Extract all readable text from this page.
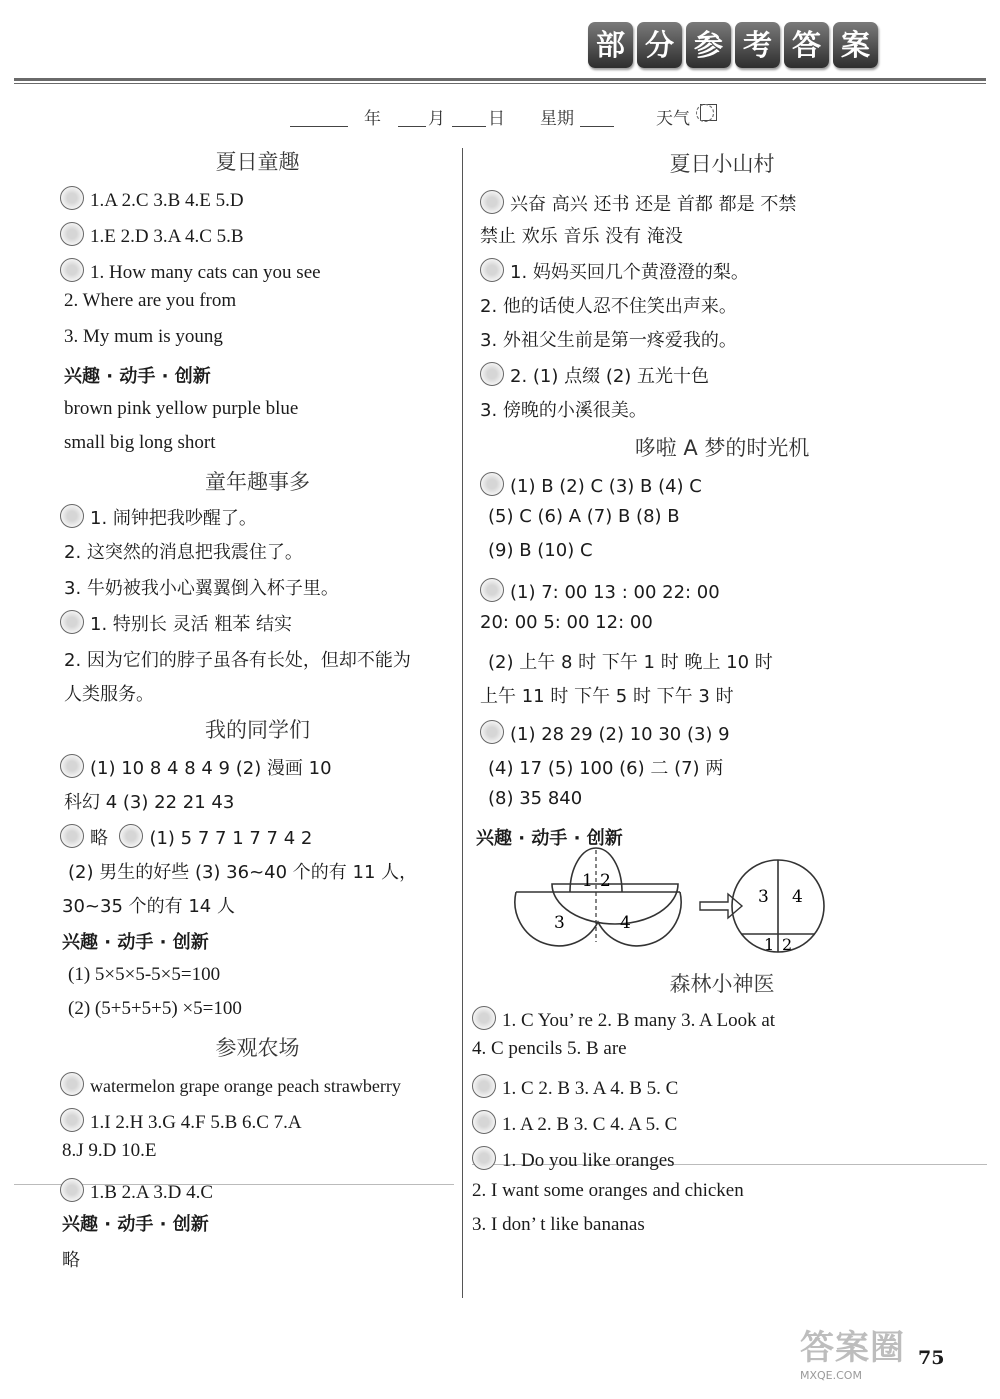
部 分 参 考 答 案
年	月	日 星期	天气
夏日童趣
1.A 2.C 3.B 4.E 5.D
1.E 2.D 3.A 4.C 5.B
1. How many cats can you see
2. Where are you from
3. My mum is young
兴趣 · 动手 · 创新
brown pink yellow purple blue
small big long short
童年趣事多
1. 闹钟把我吵醒了。
2. 这突然的消息把我震住了。
3. 牛奶被我小心翼翼倒入杯子里。
1. 特别长 灵活 粗苯 结实
2. 因为它们的脖子虽各有长处，但却不能为
人类服务。
我的同学们
(1) 10 8 4 8 4 9 (2) 漫画 10
科幻 4 (3) 22 21 43
略 (1) 5 7 7 1 7 7 4 2
(2) 男生的好些 (3) 36~40 个的有 11 人，
30~35 个的有 14 人
兴趣 · 动手 · 创新
(1) 5×5×5-5×5=100
(2) (5+5+5+5) ×5=100
参观农场
watermelon grape orange peach strawberry
1.I 2.H 3.G 4.F 5.B 6.C 7.A
8.J 9.D 10.E
1.B 2.A 3.D 4.C
兴趣 · 动手 · 创新
略
夏日小山村
兴奋 高兴 还书 还是 首都 都是 不禁
禁止 欢乐 音乐 没有 淹没
1. 妈妈买回几个黄澄澄的梨。
2. 他的话使人忍不住笑出声来。
3. 外祖父生前是第一疼爱我的。
2. (1) 点缀 (2) 五光十色
3. 傍晚的小溪很美。
哆啦 A 梦的时光机
(1) B (2) C (3) B (4) C
(5) C (6) A (7) B (8) B
(9) B (10) C
(1) 7: 00 13 : 00 22: 00
20: 00 5: 00 12: 00
(2) 上午 8 时 下午 1 时 晚上 10 时
上午 11 时 下午 5 时 下午 3 时
(1) 28 29 (2) 10 30 (3) 9
(4) 17 (5) 100 (6) 二 (7) 两
(8) 35 840
兴趣 · 动手 · 创新
1 2
3	4
3 4
1 2
森林小神医
1. C You’ re 2. B many 3. A Look at
4. C pencils 5. B are
1. C 2. B 3. A 4. B 5. C
1. A 2. B 3. C 4. A 5. C
1. Do you like oranges
2. I want some oranges and chicken
3. I don’ t like bananas
答案圈
MXQE.COM
75
